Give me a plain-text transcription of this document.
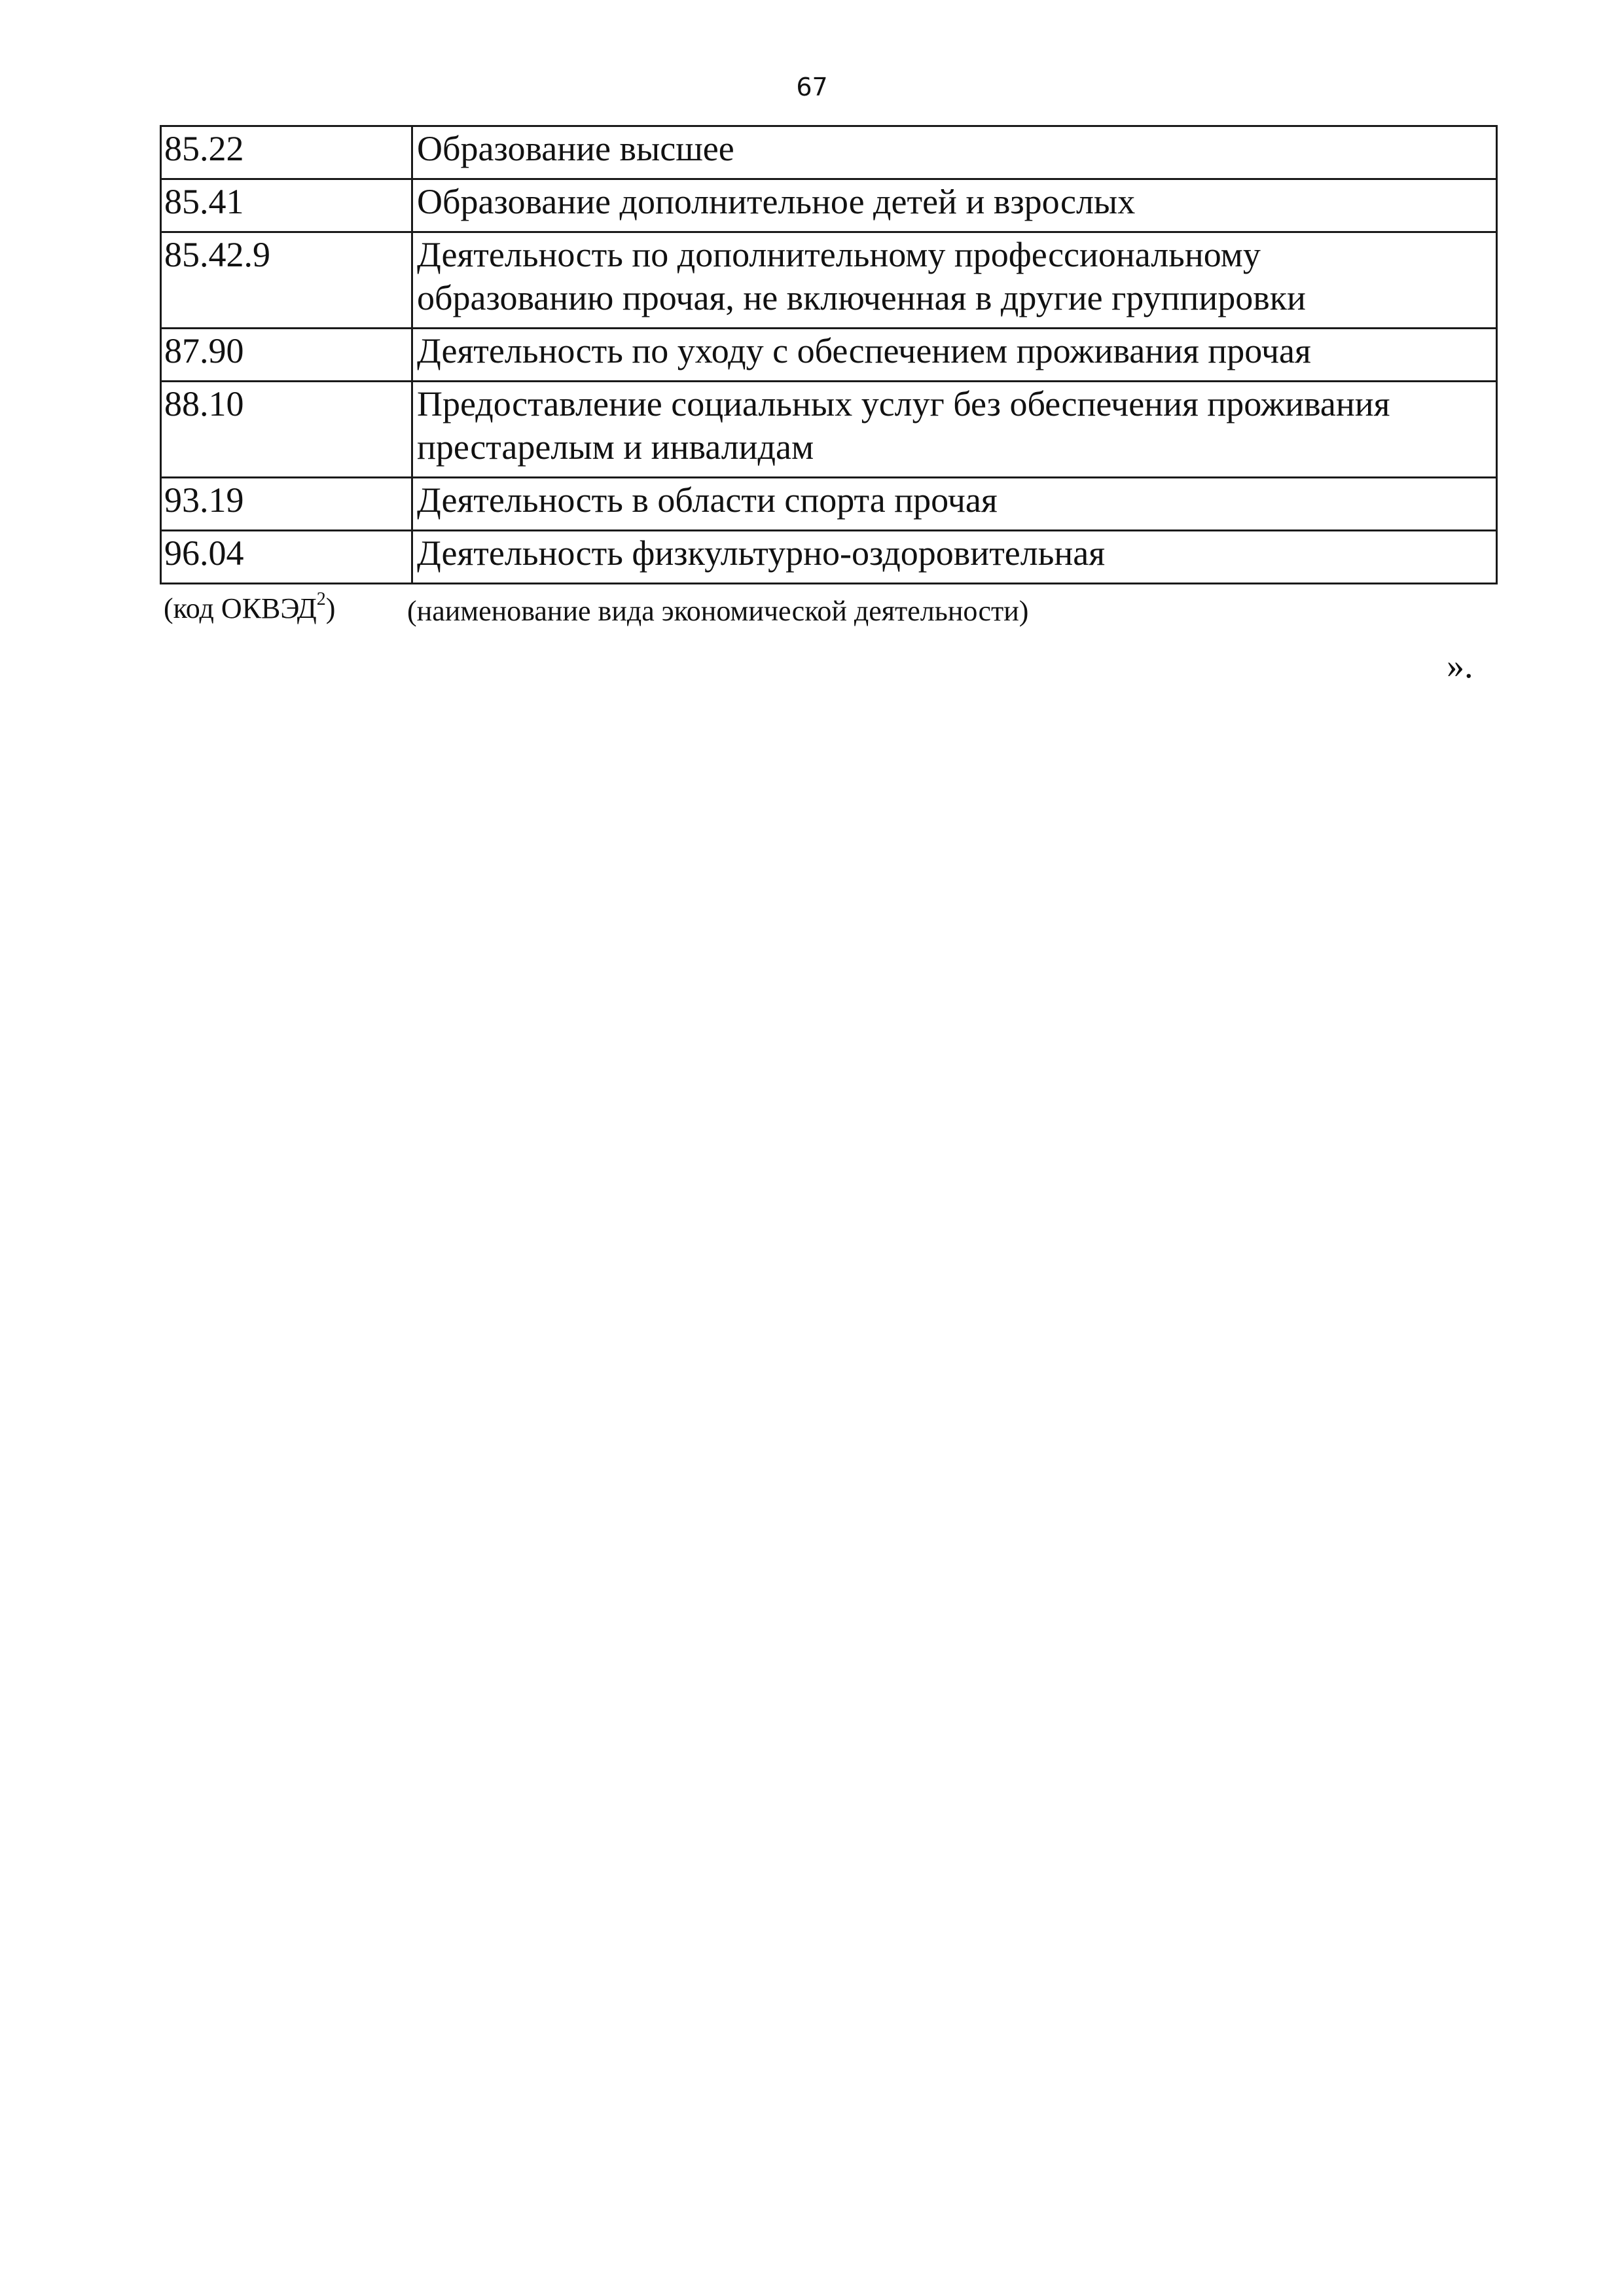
67
85.22	Образование высшее

85.41	Образование дополнительное детей и взрослых

85.42.9	Деятельность по дополнительному профессиональному
образованию прочая, не включенная в другие группировки

87.90	Деятельность по уходу с обеспечением проживания прочая

88.10	Предоставление социальных услуг без обеспечения проживания
престарелым и инвалидам

93.19	Деятельность в области спорта прочая

96.04	Деятельность физкультурно-оздоровительная
(код ОКВЭД$^2$) (наименование вида экономической деятельности)
».
